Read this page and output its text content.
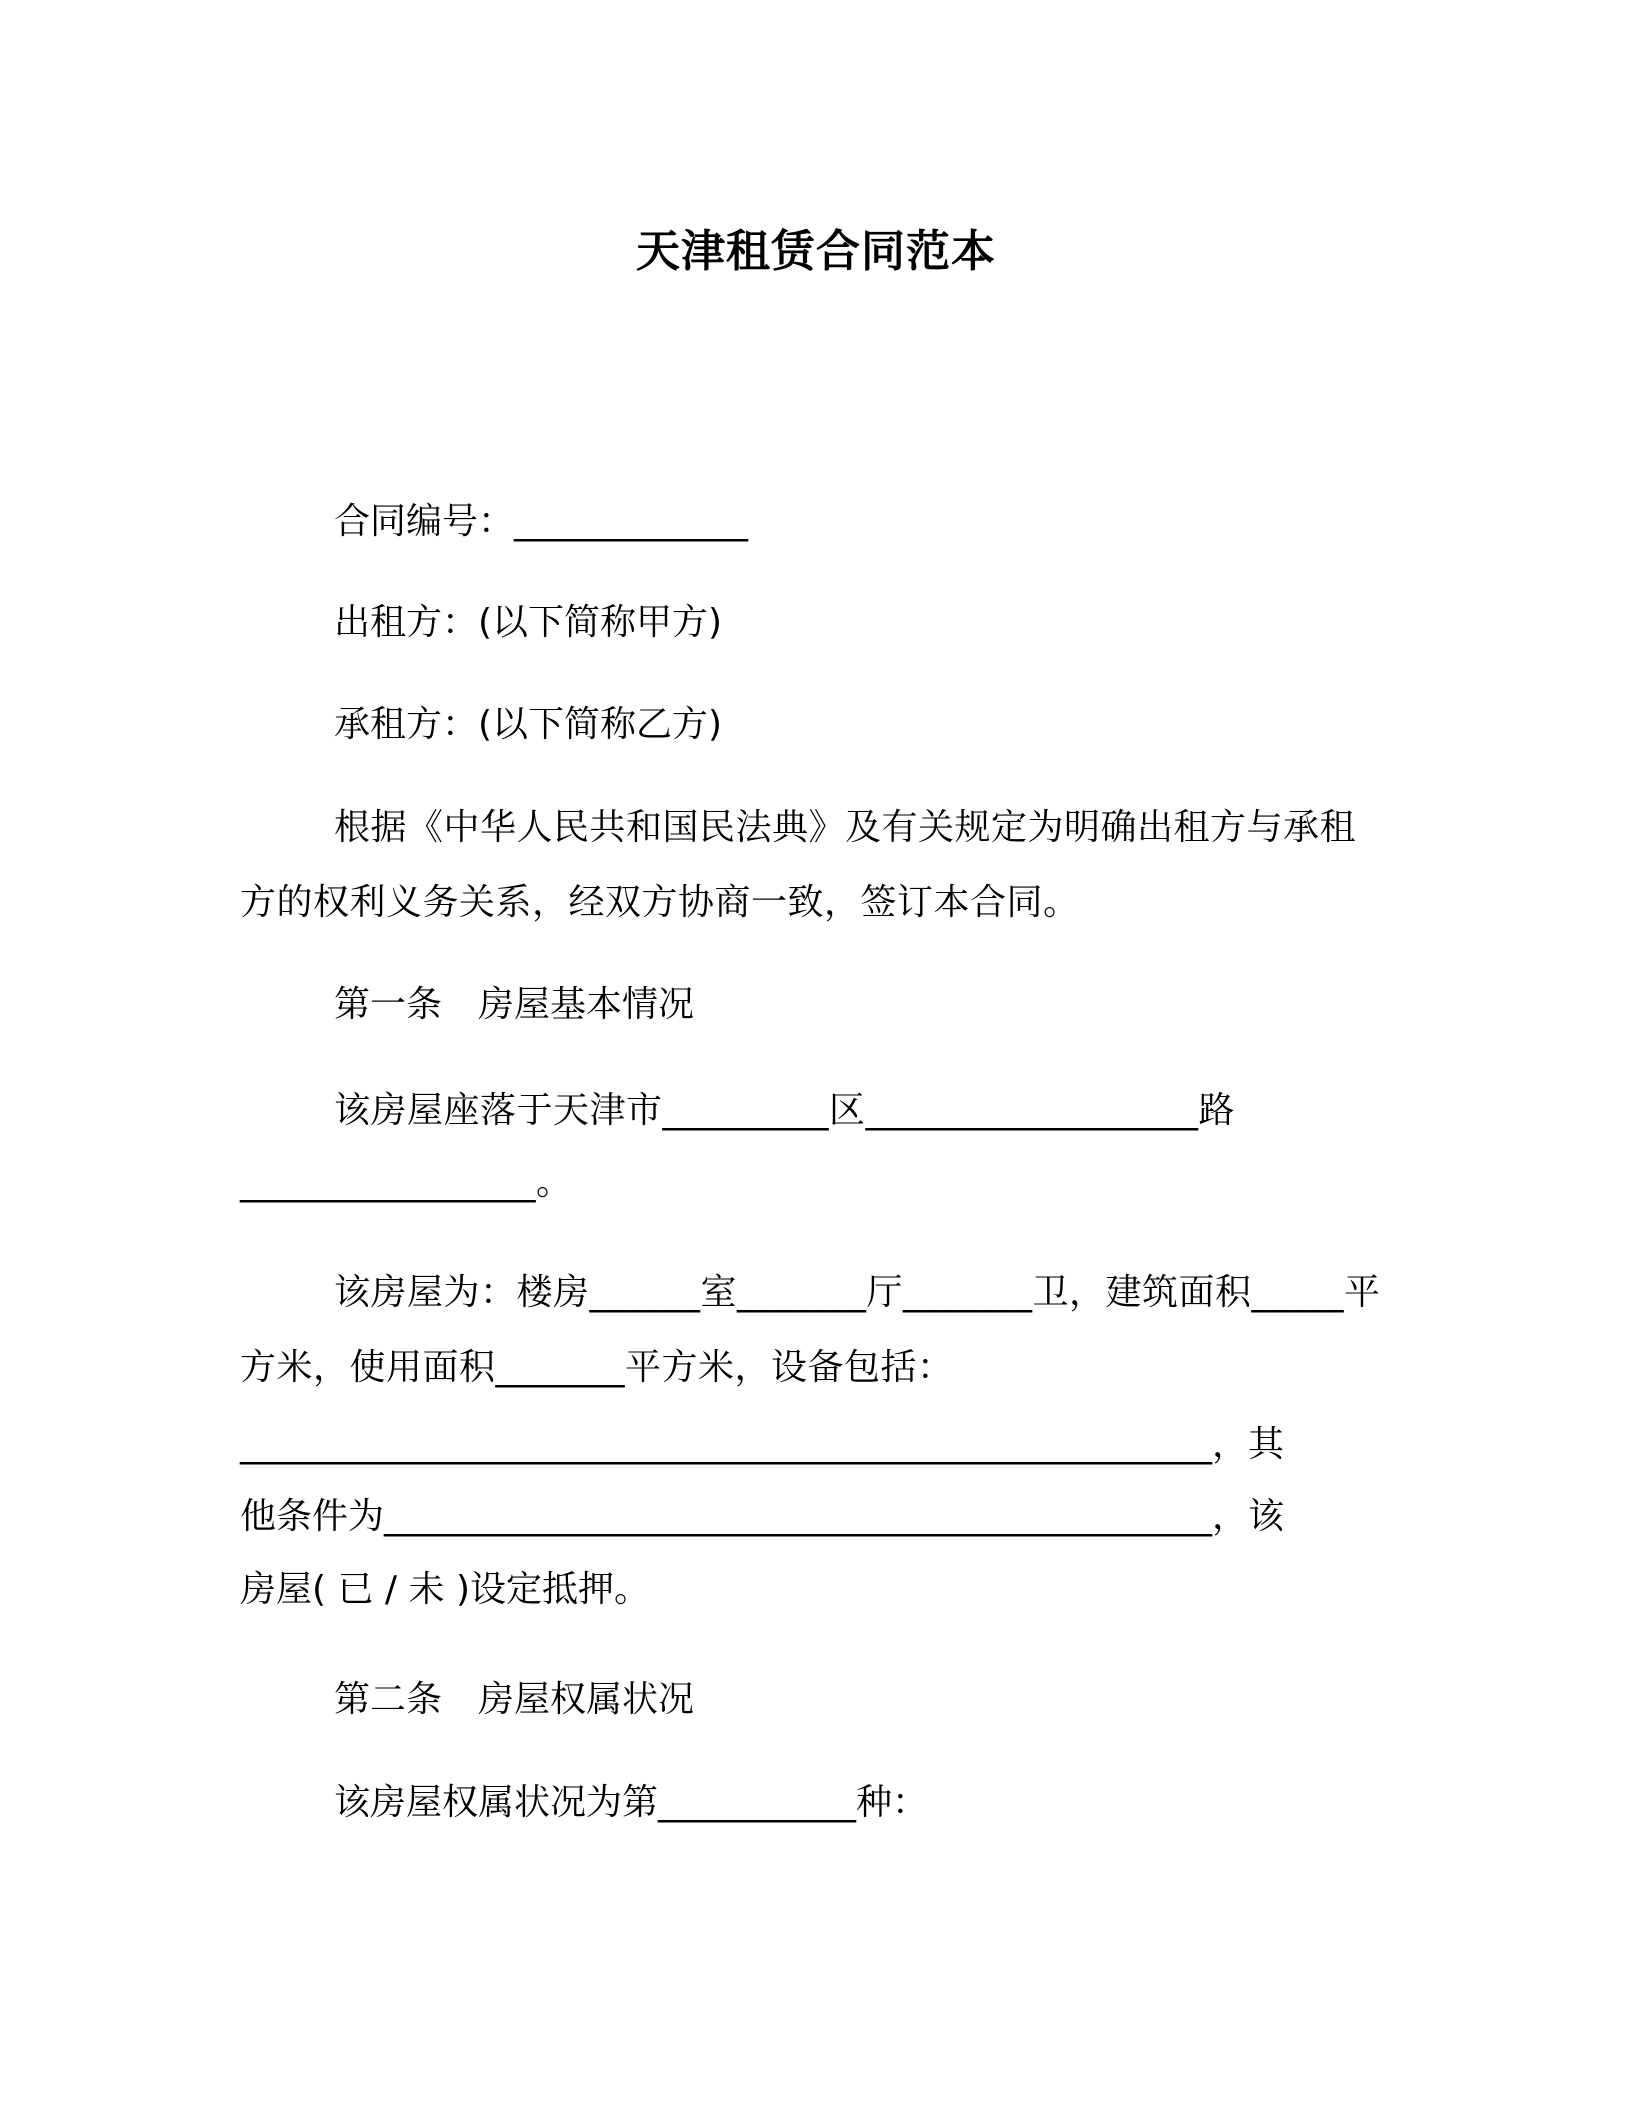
天津租赁合同范本
合同编号：_____________
出租方：(以下简称甲方)
承租方：(以下简称乙方)
根据《中华人民共和国民法典》及有关规定为明确出租方与承租方的权利义务关系，经双方协商一致，签订本合同。
第一条　房屋基本情况
该房屋座落于天津市_________区__________________路________________。
该房屋为：楼房______室_______厅_______卫，建筑面积_____平方米，使用面积_______平方米，设备包括：
______________________________________________________，其
他条件为______________________________________________，该
房屋( 已 / 未 )设定抵押。
第二条　房屋权属状况
该房屋权属状况为第___________种：
